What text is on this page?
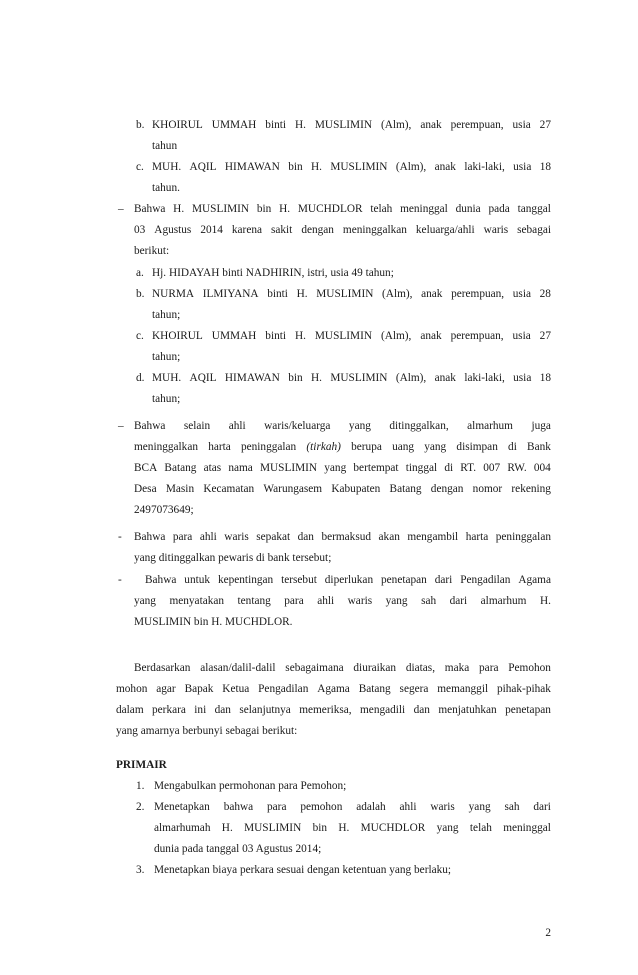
b. KHOIRUL UMMAH binti H. MUSLIMIN (Alm), anak perempuan, usia 27
tahun
c. MUH. AQIL HIMAWAN bin H. MUSLIMIN (Alm), anak laki-laki, usia 18
tahun.
– Bahwa H. MUSLIMIN bin H. MUCHDLOR telah meninggal dunia pada tanggal
03 Agustus 2014 karena sakit dengan meninggalkan keluarga/ahli waris sebagai
berikut:
a. Hj. HIDAYAH binti NADHIRIN, istri, usia 49 tahun;
b. NURMA ILMIYANA binti H. MUSLIMIN (Alm), anak perempuan, usia 28
tahun;
c. KHOIRUL UMMAH binti H. MUSLIMIN (Alm), anak perempuan, usia 27
tahun;
d. MUH. AQIL HIMAWAN bin H. MUSLIMIN (Alm), anak laki-laki, usia 18
tahun;
– Bahwa selain ahli waris/keluarga yang ditinggalkan, almarhum juga
meninggalkan harta peninggalan (tirkah) berupa uang yang disimpan di Bank
BCA Batang atas nama MUSLIMIN yang bertempat tinggal di RT. 007 RW. 004
Desa Masin Kecamatan Warungasem Kabupaten Batang dengan nomor rekening
2497073649;
- Bahwa para ahli waris sepakat dan bermaksud akan mengambil harta peninggalan
yang ditinggalkan pewaris di bank tersebut;
- Bahwa untuk kepentingan tersebut diperlukan penetapan dari Pengadilan Agama
yang menyatakan tentang para ahli waris yang sah dari almarhum H.
MUSLIMIN bin H. MUCHDLOR.
Berdasarkan alasan/dalil-dalil sebagaimana diuraikan diatas, maka para Pemohon
mohon agar Bapak Ketua Pengadilan Agama Batang segera memanggil pihak-pihak
dalam perkara ini dan selanjutnya memeriksa, mengadili dan menjatuhkan penetapan
yang amarnya berbunyi sebagai berikut:
PRIMAIR
1. Mengabulkan permohonan para Pemohon;
2. Menetapkan bahwa para pemohon adalah ahli waris yang sah dari
almarhumah H. MUSLIMIN bin H. MUCHDLOR yang telah meninggal
dunia pada tanggal 03 Agustus 2014;
3. Menetapkan biaya perkara sesuai dengan ketentuan yang berlaku;
2
